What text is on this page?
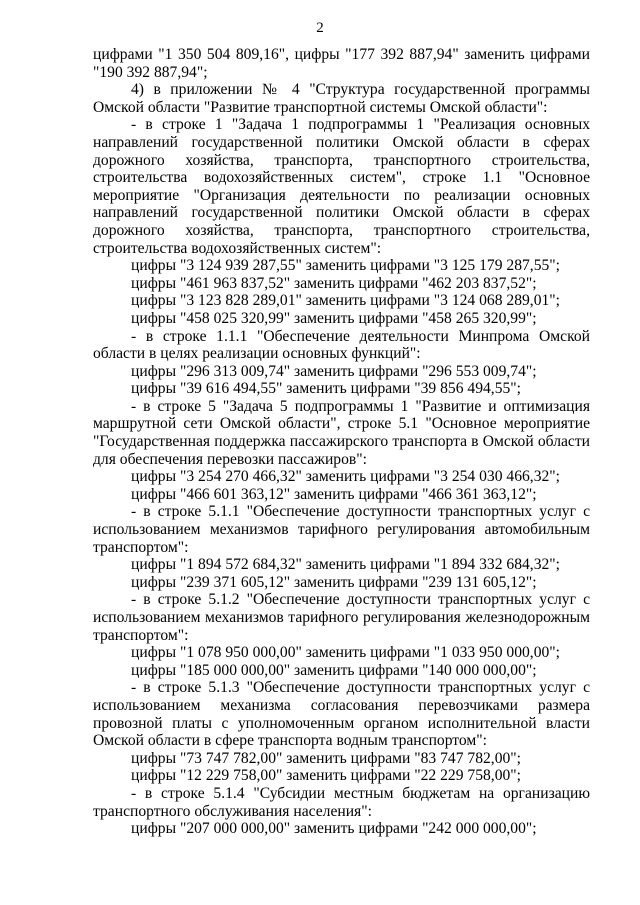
2

цифрами "1 350 504 809,16", цифры "177 392 887,94" заменить цифрами "190 392 887,94";

4) в приложении № 4 "Структура государственной программы Омской области "Развитие транспортной системы Омской области":

- в строке 1 "Задача 1 подпрограммы 1 "Реализация основных направлений государственной политики Омской области в сферах дорожного хозяйства, транспорта, транспортного строительства, строительства водохозяйственных систем", строке 1.1 "Основное мероприятие "Организация деятельности по реализации основных направлений государственной политики Омской области в сферах дорожного хозяйства, транспорта, транспортного строительства, строительства водохозяйственных систем":

цифры "3 124 939 287,55" заменить цифрами "3 125 179 287,55";

цифры "461 963 837,52" заменить цифрами "462 203 837,52";

цифры "3 123 828 289,01" заменить цифрами "3 124 068 289,01";

цифры "458 025 320,99" заменить цифрами "458 265 320,99";

- в строке 1.1.1 "Обеспечение деятельности Минпрома Омской области в целях реализации основных функций":

цифры "296 313 009,74" заменить цифрами "296 553 009,74";

цифры "39 616 494,55" заменить цифрами "39 856 494,55";

- в строке 5 "Задача 5 подпрограммы 1 "Развитие и оптимизация маршрутной сети Омской области", строке 5.1 "Основное мероприятие "Государственная поддержка пассажирского транспорта в Омской области для обеспечения перевозки пассажиров":

цифры "3 254 270 466,32" заменить цифрами "3 254 030 466,32";

цифры "466 601 363,12" заменить цифрами "466 361 363,12";

- в строке 5.1.1 "Обеспечение доступности транспортных услуг с использованием механизмов тарифного регулирования автомобильным транспортом":

цифры "1 894 572 684,32" заменить цифрами "1 894 332 684,32";

цифры "239 371 605,12" заменить цифрами "239 131 605,12";

- в строке 5.1.2 "Обеспечение доступности транспортных услуг с использованием механизмов тарифного регулирования железнодорожным транспортом":

цифры "1 078 950 000,00" заменить цифрами "1 033 950 000,00";

цифры "185 000 000,00" заменить цифрами "140 000 000,00";

- в строке 5.1.3 "Обеспечение доступности транспортных услуг с использованием механизма согласования перевозчиками размера провозной платы с уполномоченным органом исполнительной власти Омской области в сфере транспорта водным транспортом":

цифры "73 747 782,00" заменить цифрами "83 747 782,00";

цифры "12 229 758,00" заменить цифрами "22 229 758,00";

- в строке 5.1.4 "Субсидии местным бюджетам на организацию транспортного обслуживания населения":

цифры "207 000 000,00" заменить цифрами "242 000 000,00";
